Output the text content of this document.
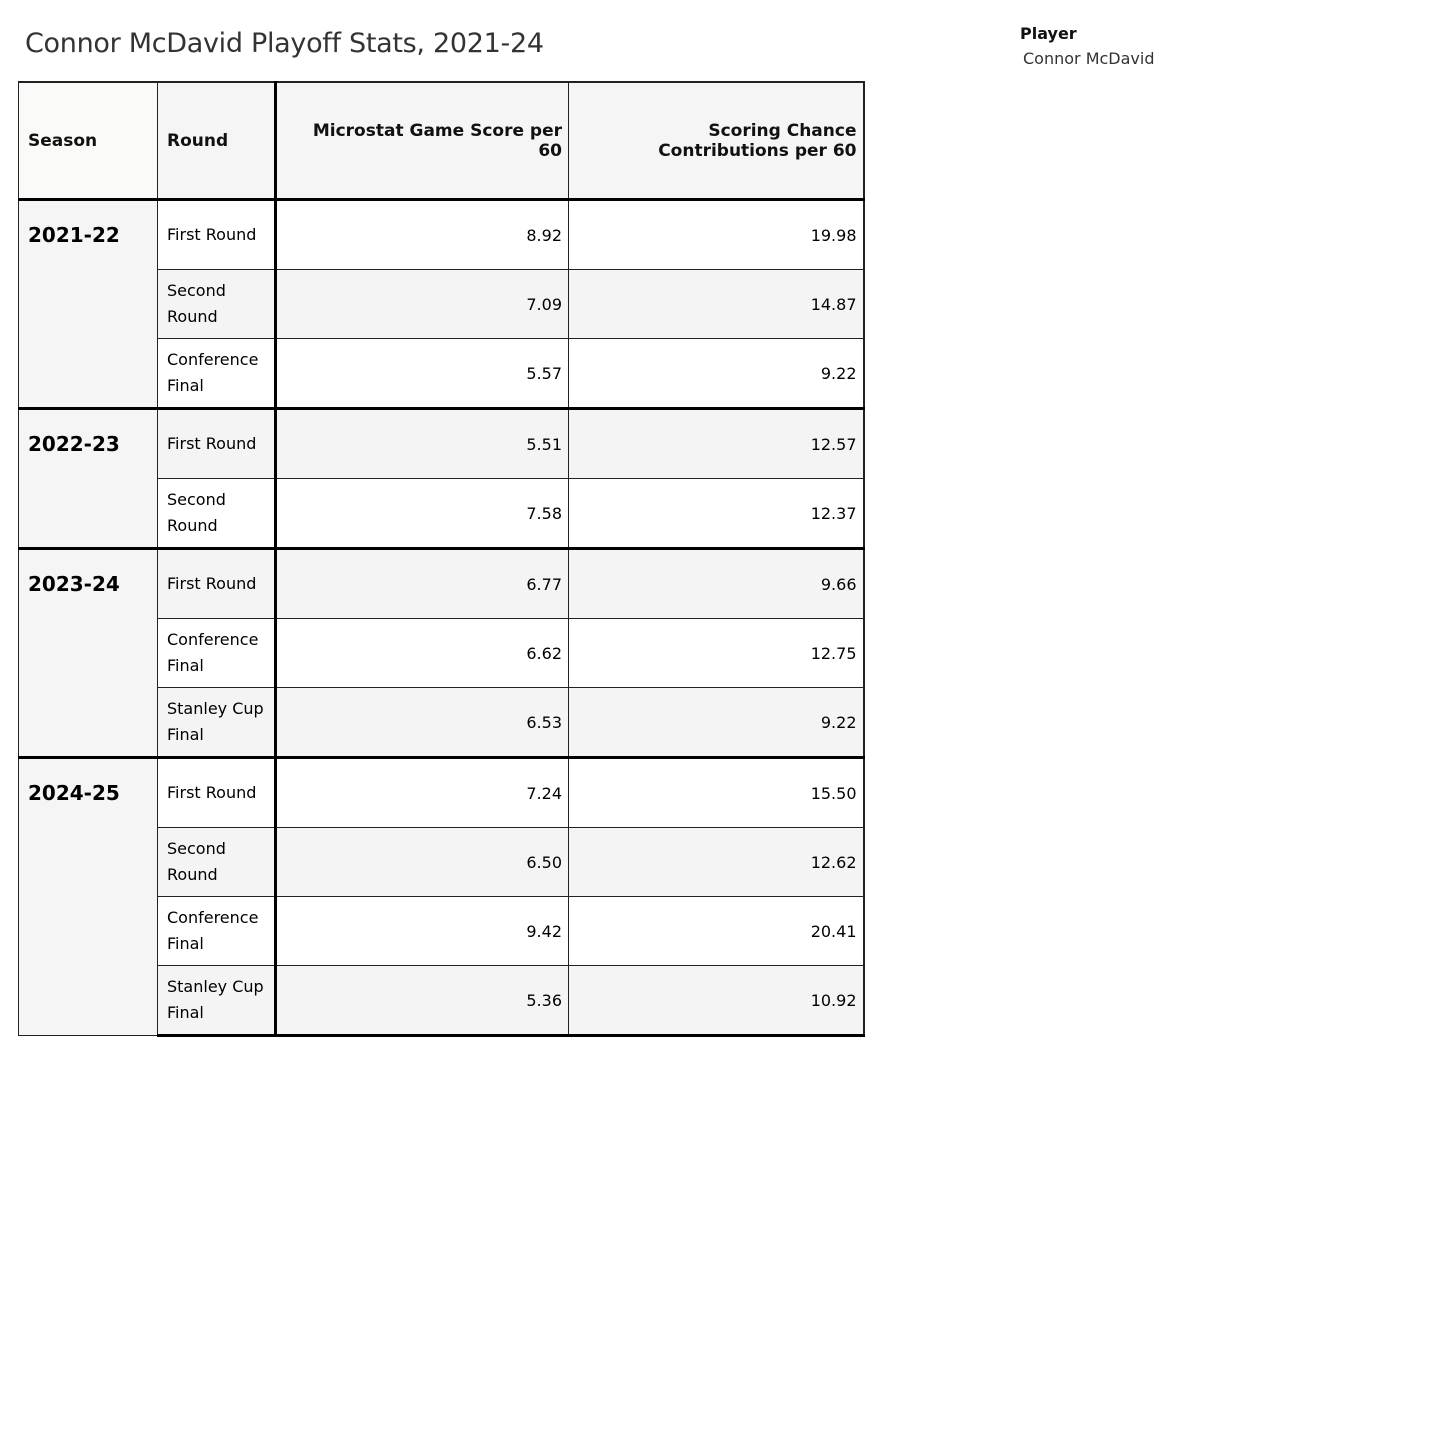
Connor McDavid Playoff Stats, 2021-24	Player
Connor McDavid
Season	Round	Microstat Game Score per 60	Scoring Chance Contributions per 60
2021-22	First Round	8.92	19.98
	Second Round	7.09	14.87
	Conference Final	5.57	9.22
2022-23	First Round	5.51	12.57
	Second Round	7.58	12.37
2023-24	First Round	6.77	9.66
	Conference Final	6.62	12.75
	Stanley Cup Final	6.53	9.22
2024-25	First Round	7.24	15.50
	Second Round	6.50	12.62
	Conference Final	9.42	20.41
	Stanley Cup Final	5.36	10.92
